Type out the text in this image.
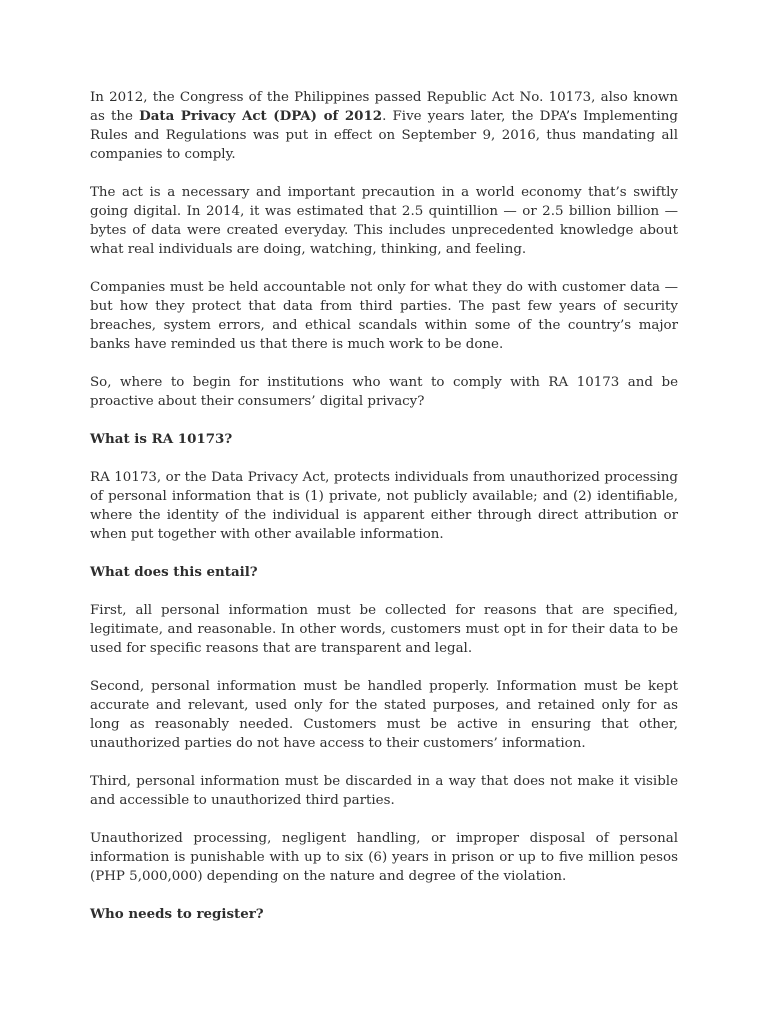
In 2012, the Congress of the Philippines passed Republic Act No. 10173, also known as the Data Privacy Act (DPA) of 2012. Five years later, the DPA’s Implementing Rules and Regulations was put in effect on September 9, 2016, thus mandating all companies to comply.

The act is a necessary and important precaution in a world economy that’s swiftly going digital. In 2014, it was estimated that 2.5 quintillion — or 2.5 billion billion — bytes of data were created everyday. This includes unprecedented knowledge about what real individuals are doing, watching, thinking, and feeling.

Companies must be held accountable not only for what they do with customer data — but how they protect that data from third parties. The past few years of security breaches, system errors, and ethical scandals within some of the country’s major banks have reminded us that there is much work to be done.

So, where to begin for institutions who want to comply with RA 10173 and be proactive about their consumers’ digital privacy?

What is RA 10173?

RA 10173, or the Data Privacy Act, protects individuals from unauthorized processing of personal information that is (1) private, not publicly available; and (2) identifiable, where the identity of the individual is apparent either through direct attribution or when put together with other available information.

What does this entail?

First, all personal information must be collected for reasons that are specified, legitimate, and reasonable. In other words, customers must opt in for their data to be used for specific reasons that are transparent and legal.

Second, personal information must be handled properly. Information must be kept accurate and relevant, used only for the stated purposes, and retained only for as long as reasonably needed. Customers must be active in ensuring that other, unauthorized parties do not have access to their customers’ information.

Third, personal information must be discarded in a way that does not make it visible and accessible to unauthorized third parties.

Unauthorized processing, negligent handling, or improper disposal of personal information is punishable with up to six (6) years in prison or up to five million pesos (PHP 5,000,000) depending on the nature and degree of the violation.

Who needs to register?
